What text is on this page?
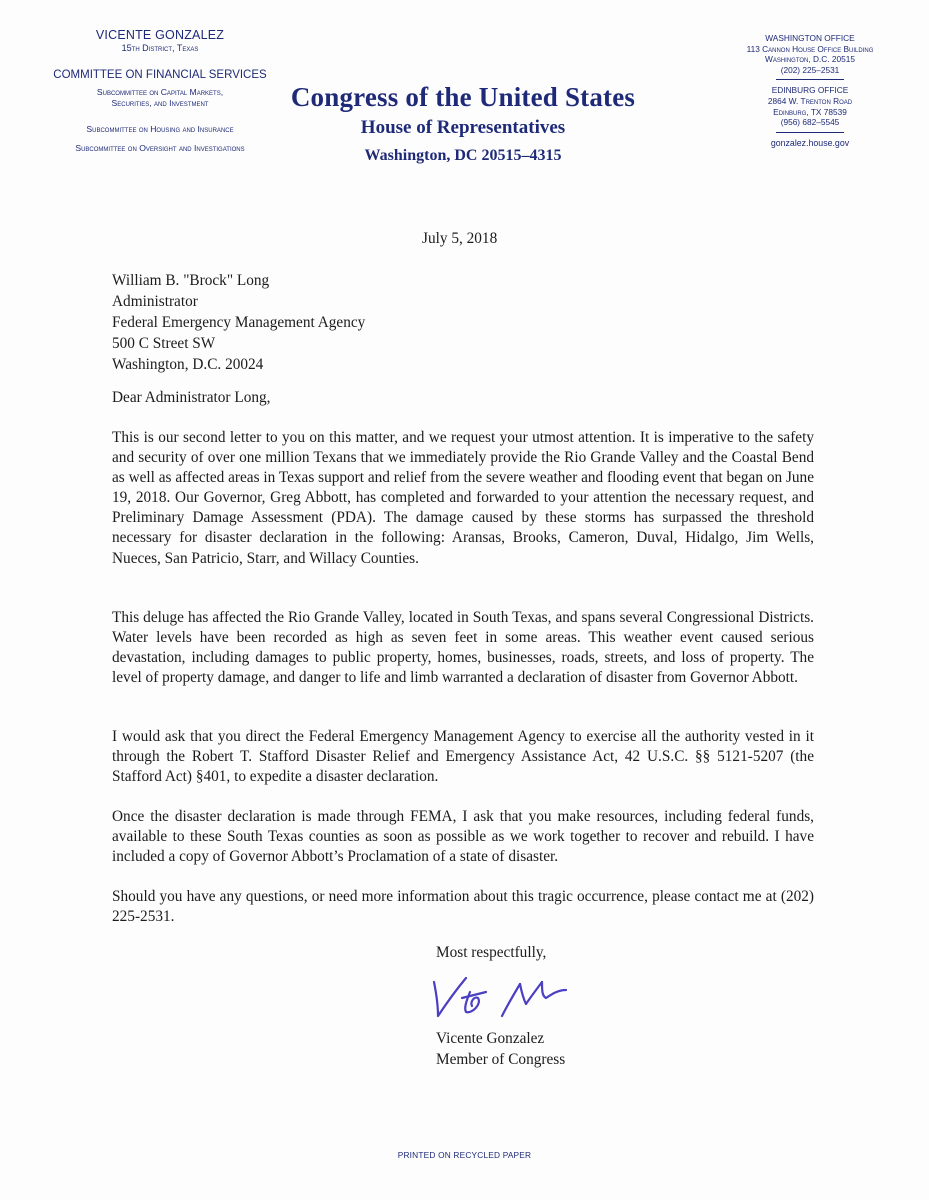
VICENTE GONZALEZ
15th District, Texas
COMMITTEE ON FINANCIAL SERVICES
Subcommittee on Capital Markets,
Securities, and Investment
Subcommittee on Housing and Insurance
Subcommittee on Oversight and Investigations
Congress of the United States
House of Representatives
Washington, DC 20515–4315
WASHINGTON OFFICE
113 Cannon House Office Building
Washington, D.C. 20515
(202) 225–2531
EDINBURG OFFICE
2864 W. Trenton Road
Edinburg, TX 78539
(956) 682–5545
gonzalez.house.gov
July 5, 2018
William B. "Brock" Long
Administrator
Federal Emergency Management Agency
500 C Street SW
Washington, D.C. 20024
Dear Administrator Long,
This is our second letter to you on this matter, and we request your utmost attention. It is imperative to the safety and security of over one million Texans that we immediately provide the Rio Grande Valley and the Coastal Bend as well as affected areas in Texas support and relief from the severe weather and flooding event that began on June 19, 2018. Our Governor, Greg Abbott, has completed and forwarded to your attention the necessary request, and Preliminary Damage Assessment (PDA). The damage caused by these storms has surpassed the threshold necessary for disaster declaration in the following: Aransas, Brooks, Cameron, Duval, Hidalgo, Jim Wells, Nueces, San Patricio, Starr, and Willacy Counties.
This deluge has affected the Rio Grande Valley, located in South Texas, and spans several Congressional Districts. Water levels have been recorded as high as seven feet in some areas. This weather event caused serious devastation, including damages to public property, homes, businesses, roads, streets, and loss of property. The level of property damage, and danger to life and limb warranted a declaration of disaster from Governor Abbott.
I would ask that you direct the Federal Emergency Management Agency to exercise all the authority vested in it through the Robert T. Stafford Disaster Relief and Emergency Assistance Act, 42 U.S.C. §§ 5121-5207 (the Stafford Act) §401, to expedite a disaster declaration.
Once the disaster declaration is made through FEMA, I ask that you make resources, including federal funds, available to these South Texas counties as soon as possible as we work together to recover and rebuild. I have included a copy of Governor Abbott’s Proclamation of a state of disaster.
Should you have any questions, or need more information about this tragic occurrence, please contact me at (202) 225-2531.
Most respectfully,
Vicente Gonzalez
Member of Congress
PRINTED ON RECYCLED PAPER
